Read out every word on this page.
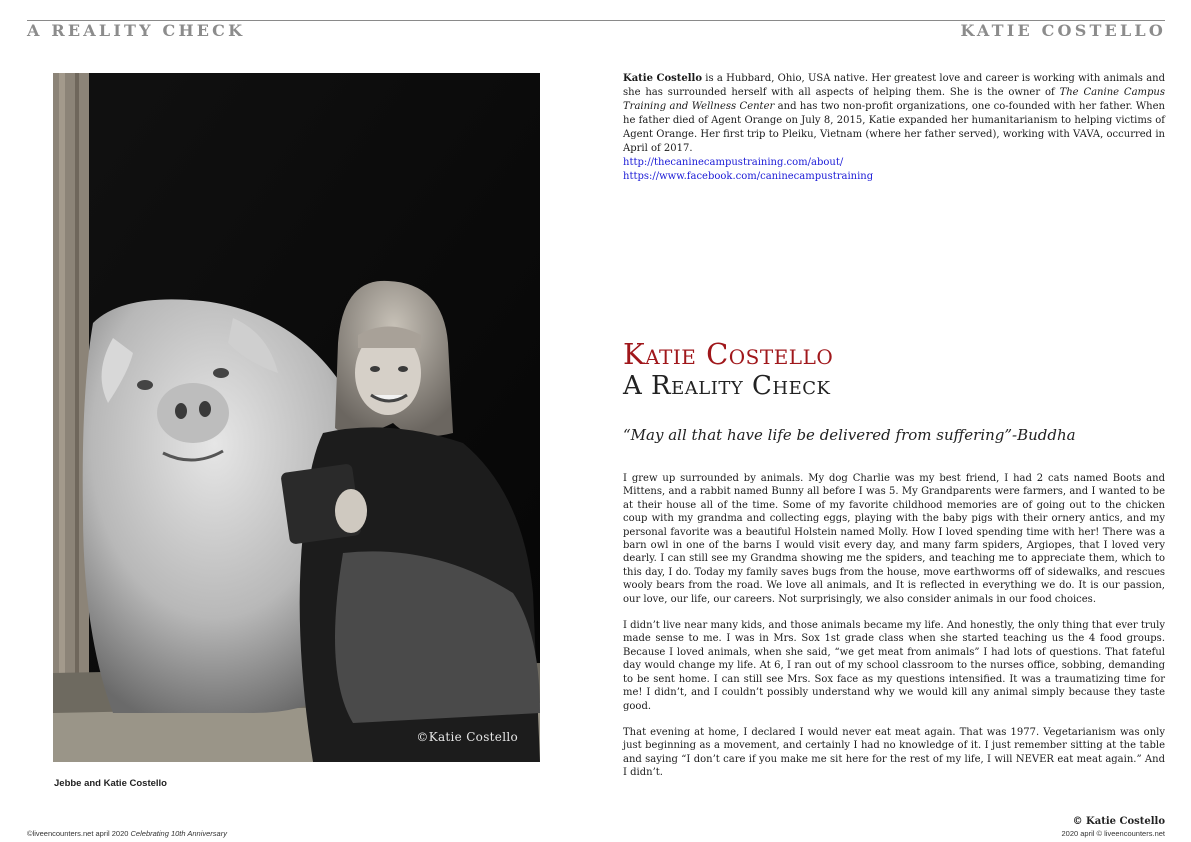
A REALITY CHECK	KATIE COSTELLO
©Katie Costello
Jebbe and Katie Costello
Katie Costello is a Hubbard, Ohio, USA native. Her greatest love and career is working with animals and she has surrounded herself with all aspects of helping them. She is the owner of The Canine Campus Training and Wellness Center and has two non-profit organizations, one co-founded with her father. When he father died of Agent Orange on July 8, 2015, Katie expanded her humanitarianism to helping victims of Agent Orange. Her first trip to Pleiku, Vietnam (where her father served), working with VAVA, occurred in April of 2017.
http://thecaninecampustraining.com/about/
https://www.facebook.com/caninecampustraining
Katie Costello
A Reality Check
“May all that have life be delivered from suffering”-Buddha

I grew up surrounded by animals. My dog Charlie was my best friend, I had 2 cats named Boots and Mittens, and a rabbit named Bunny all before I was 5. My Grandparents were farmers, and I wanted to be at their house all of the time. Some of my favorite childhood memories are of going out to the chicken coup with my grandma and collecting eggs, playing with the baby pigs with their ornery antics, and my personal favorite was a beautiful Holstein named Molly. How I loved spending time with her! There was a barn owl in one of the barns I would visit every day, and many farm spiders, Argiopes, that I loved very dearly. I can still see my Grandma showing me the spiders, and teaching me to appreciate them, which to this day, I do. Today my family saves bugs from the house, move earthworms off of sidewalks, and rescues wooly bears from the road. We love all animals, and It is reflected in everything we do. It is our passion, our love, our life, our careers. Not surprisingly, we also consider animals in our food choices.

I didn’t live near many kids, and those animals became my life. And honestly, the only thing that ever truly made sense to me. I was in Mrs. Sox 1st grade class when she started teaching us the 4 food groups. Because I loved animals, when she said, “we get meat from animals” I had lots of questions. That fateful day would change my life. At 6, I ran out of my school classroom to the nurses office, sobbing, demanding to be sent home. I can still see Mrs. Sox face as my questions intensified. It was a traumatizing time for me! I didn’t, and I couldn’t possibly understand why we would kill any animal simply because they taste good.

That evening at home, I declared I would never eat meat again. That was 1977. Vegetarianism was only just beginning as a movement, and certainly I had no knowledge of it. I just remember sitting at the table and saying “I don’t care if you make me sit here for the rest of my life, I will NEVER eat meat again.” And I didn’t.

© Katie Costello
©liveencounters.net april 2020 Celebrating 10th Anniversary	2020 april © liveencounters.net
